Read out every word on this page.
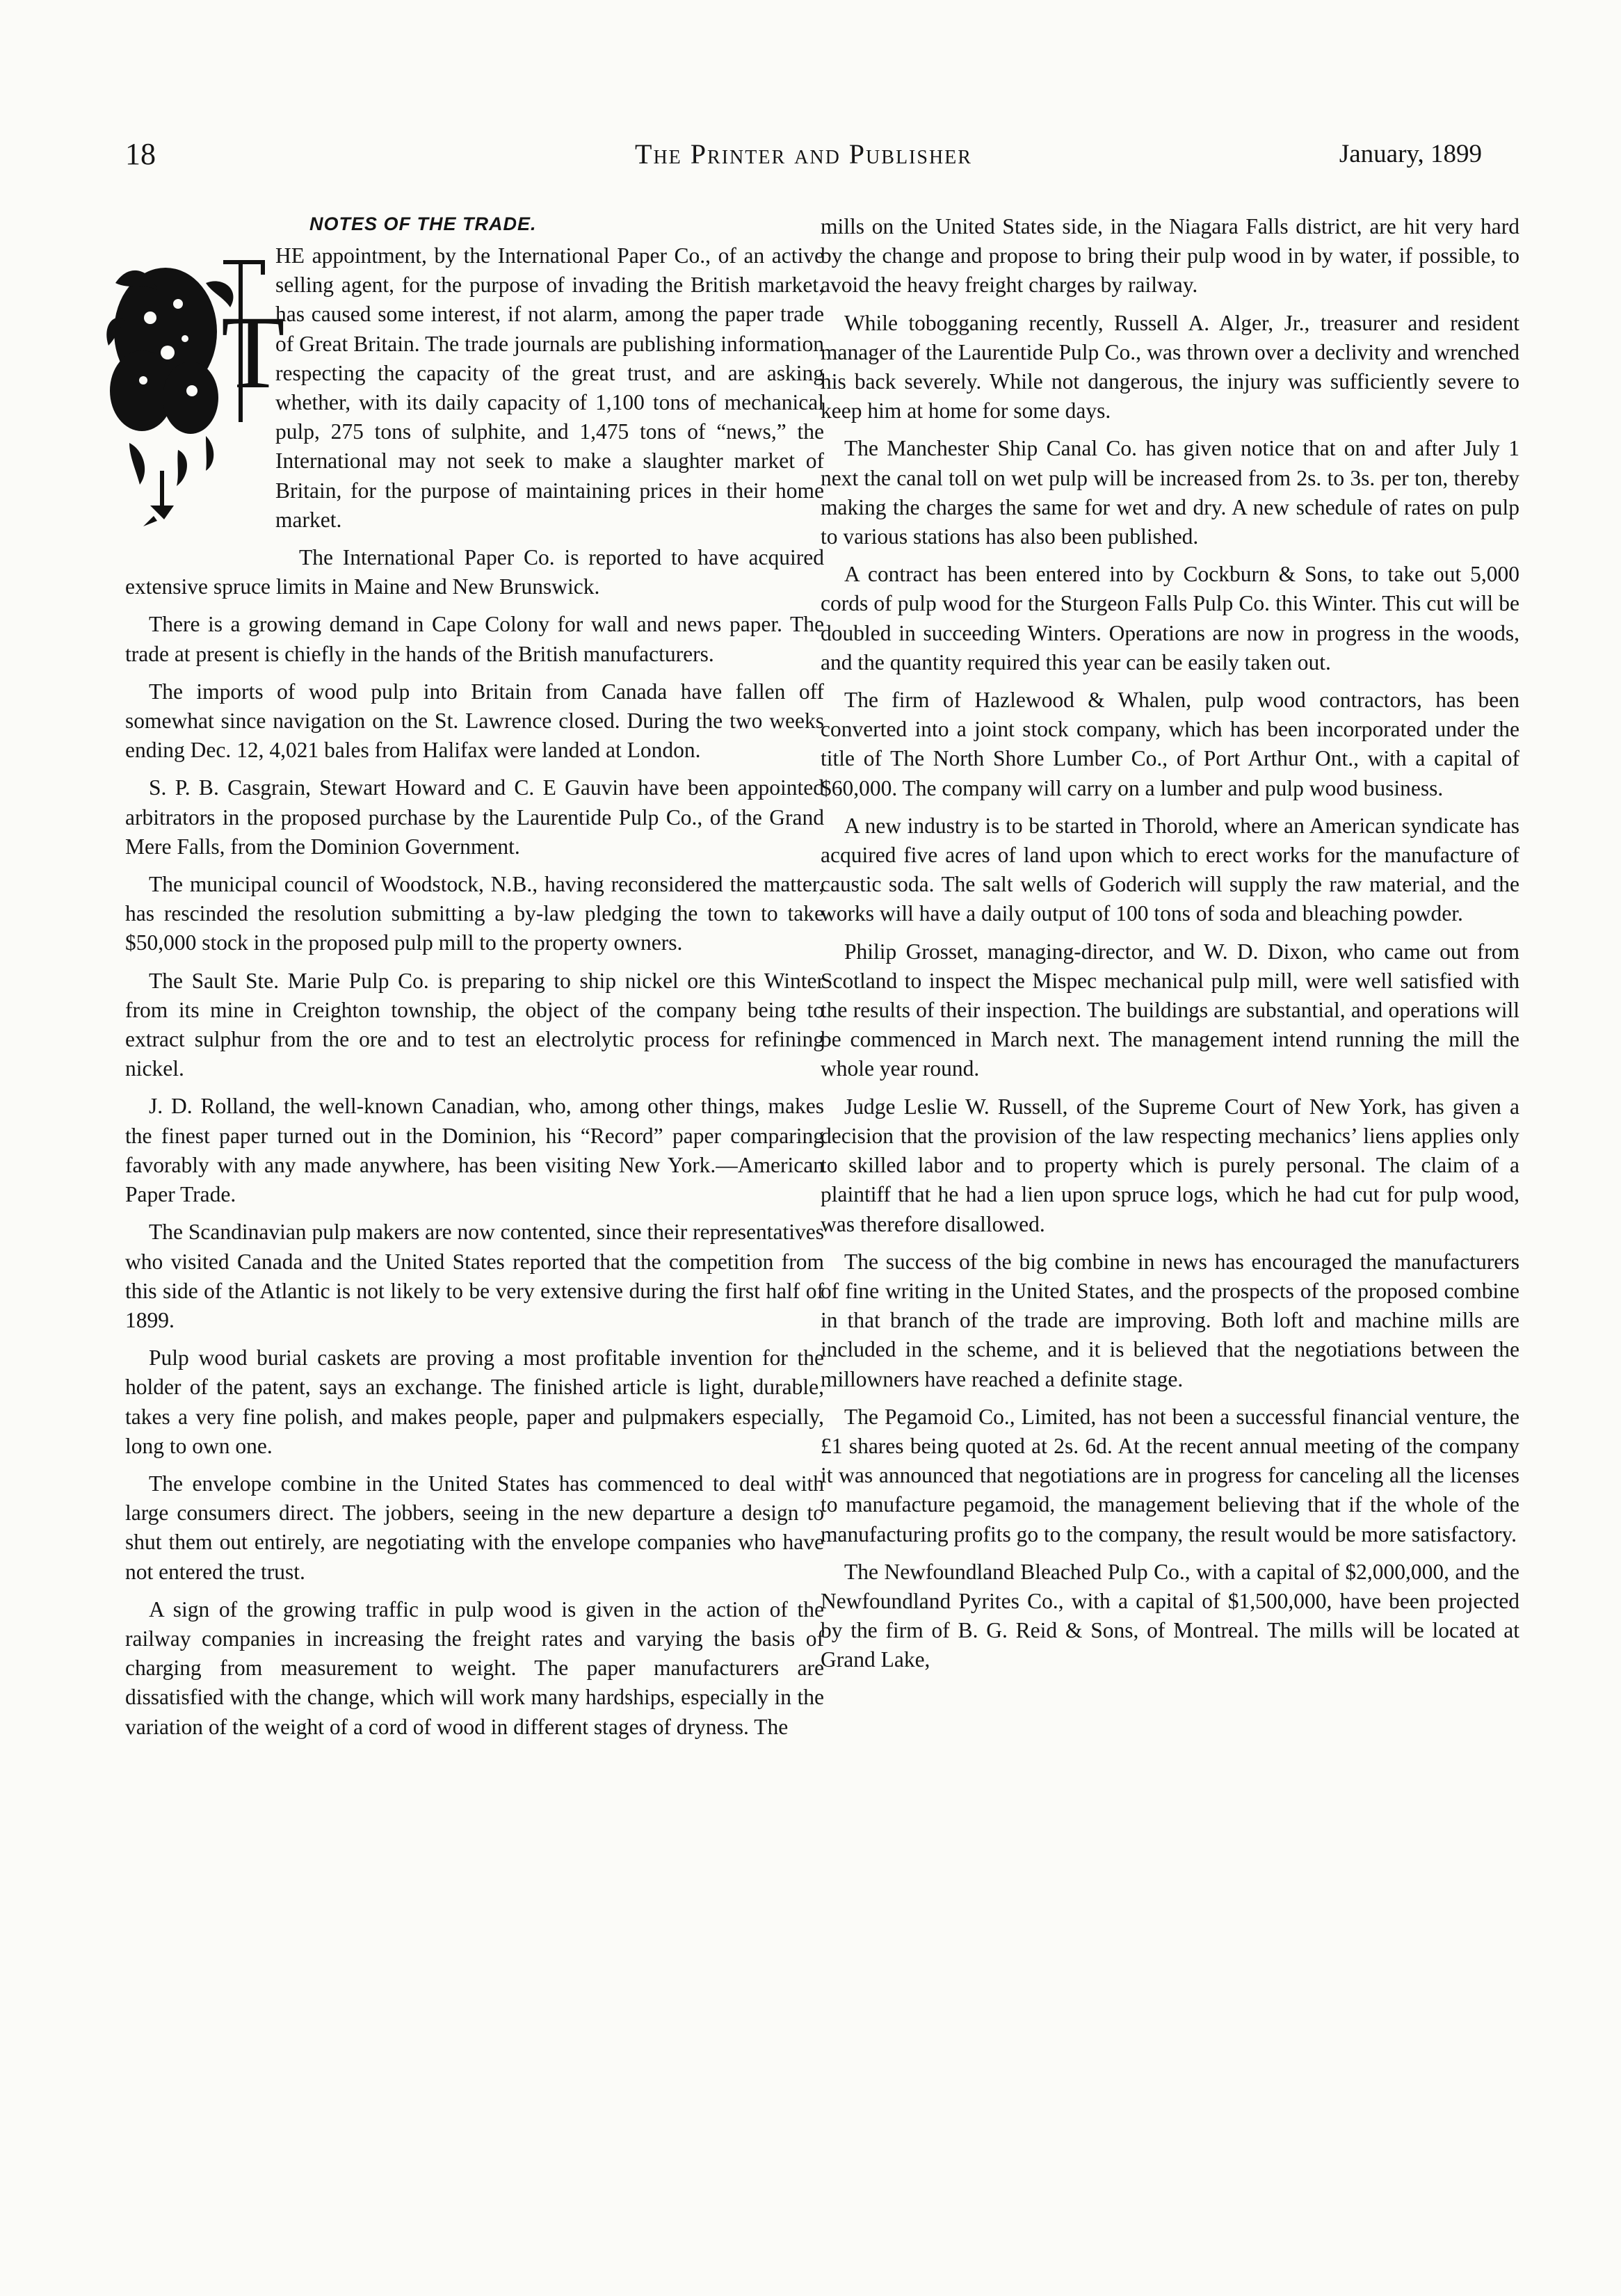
18	The Printer and Publisher	January, 1899
NOTES OF THE TRADE.
T

HE appointment, by the International Paper Co., of an active selling agent, for the purpose of invading the British market, has caused some interest, if not alarm, among the paper trade of Great Britain. The trade journals are publishing information respecting the capacity of the great trust, and are asking whether, with its daily capacity of 1,100 tons of mechanical pulp, 275 tons of sulphite, and 1,475 tons of “news,” the International may not seek to make a slaughter market of Britain, for the purpose of maintaining prices in their home market.

The International Paper Co. is reported to have acquired extensive spruce limits in Maine and New Brunswick.

There is a growing demand in Cape Colony for wall and news paper. The trade at present is chiefly in the hands of the British manufacturers.

The imports of wood pulp into Britain from Canada have fallen off somewhat since navigation on the St. Lawrence closed. During the two weeks ending Dec. 12, 4,021 bales from Halifax were landed at London.

S. P. B. Casgrain, Stewart Howard and C. E Gauvin have been appointed arbitrators in the proposed purchase by the Laurentide Pulp Co., of the Grand Mere Falls, from the Dominion Government.

The municipal council of Woodstock, N.B., having reconsidered the matter, has rescinded the resolution submitting a by-law pledging the town to take $50,000 stock in the proposed pulp mill to the property owners.

The Sault Ste. Marie Pulp Co. is preparing to ship nickel ore this Winter from its mine in Creighton township, the object of the company being to extract sulphur from the ore and to test an electrolytic process for refining nickel.

J. D. Rolland, the well-known Canadian, who, among other things, makes the finest paper turned out in the Dominion, his “Record” paper comparing favorably with any made anywhere, has been visiting New York.—American Paper Trade.

The Scandinavian pulp makers are now contented, since their representatives who visited Canada and the United States reported that the competition from this side of the Atlantic is not likely to be very extensive during the first half of 1899.

Pulp wood burial caskets are proving a most profitable invention for the holder of the patent, says an exchange. The finished article is light, durable, takes a very fine polish, and makes people, paper and pulpmakers especially, long to own one.

The envelope combine in the United States has commenced to deal with large consumers direct. The jobbers, seeing in the new departure a design to shut them out entirely, are negotiating with the envelope companies who have not entered the trust.

A sign of the growing traffic in pulp wood is given in the action of the railway companies in increasing the freight rates and varying the basis of charging from measurement to weight. The paper manufacturers are dissatisfied with the change, which will work many hardships, especially in the variation of the weight of a cord of wood in different stages of dryness. The

mills on the United States side, in the Niagara Falls district, are hit very hard by the change and propose to bring their pulp wood in by water, if possible, to avoid the heavy freight charges by railway.

While tobogganing recently, Russell A. Alger, Jr., treasurer and resident manager of the Laurentide Pulp Co., was thrown over a declivity and wrenched his back severely. While not dangerous, the injury was sufficiently severe to keep him at home for some days.

The Manchester Ship Canal Co. has given notice that on and after July 1 next the canal toll on wet pulp will be increased from 2s. to 3s. per ton, thereby making the charges the same for wet and dry. A new schedule of rates on pulp to various stations has also been published.

A contract has been entered into by Cockburn & Sons, to take out 5,000 cords of pulp wood for the Sturgeon Falls Pulp Co. this Winter. This cut will be doubled in succeeding Winters. Operations are now in progress in the woods, and the quantity required this year can be easily taken out.

The firm of Hazlewood & Whalen, pulp wood contractors, has been converted into a joint stock company, which has been incorporated under the title of The North Shore Lumber Co., of Port Arthur Ont., with a capital of $60,000. The company will carry on a lumber and pulp wood business.

A new industry is to be started in Thorold, where an American syndicate has acquired five acres of land upon which to erect works for the manufacture of caustic soda. The salt wells of Goderich will supply the raw material, and the works will have a daily output of 100 tons of soda and bleaching powder.

Philip Grosset, managing-director, and W. D. Dixon, who came out from Scotland to inspect the Mispec mechanical pulp mill, were well satisfied with the results of their inspection. The buildings are substantial, and operations will be commenced in March next. The management intend running the mill the whole year round.

Judge Leslie W. Russell, of the Supreme Court of New York, has given a decision that the provision of the law respecting mechanics’ liens applies only to skilled labor and to property which is purely personal. The claim of a plaintiff that he had a lien upon spruce logs, which he had cut for pulp wood, was therefore disallowed.

The success of the big combine in news has encouraged the manufacturers of fine writing in the United States, and the prospects of the proposed combine in that branch of the trade are improving. Both loft and machine mills are included in the scheme, and it is believed that the negotiations between the millowners have reached a definite stage.

The Pegamoid Co., Limited, has not been a successful financial venture, the £1 shares being quoted at 2s. 6d. At the recent annual meeting of the company it was announced that negotiations are in progress for canceling all the licenses to manufacture pegamoid, the management believing that if the whole of the manufacturing profits go to the company, the result would be more satisfactory.

The Newfoundland Bleached Pulp Co., with a capital of $2,000,000, and the Newfoundland Pyrites Co., with a capital of $1,500,000, have been projected by the firm of B. G. Reid & Sons, of Montreal. The mills will be located at Grand Lake,
